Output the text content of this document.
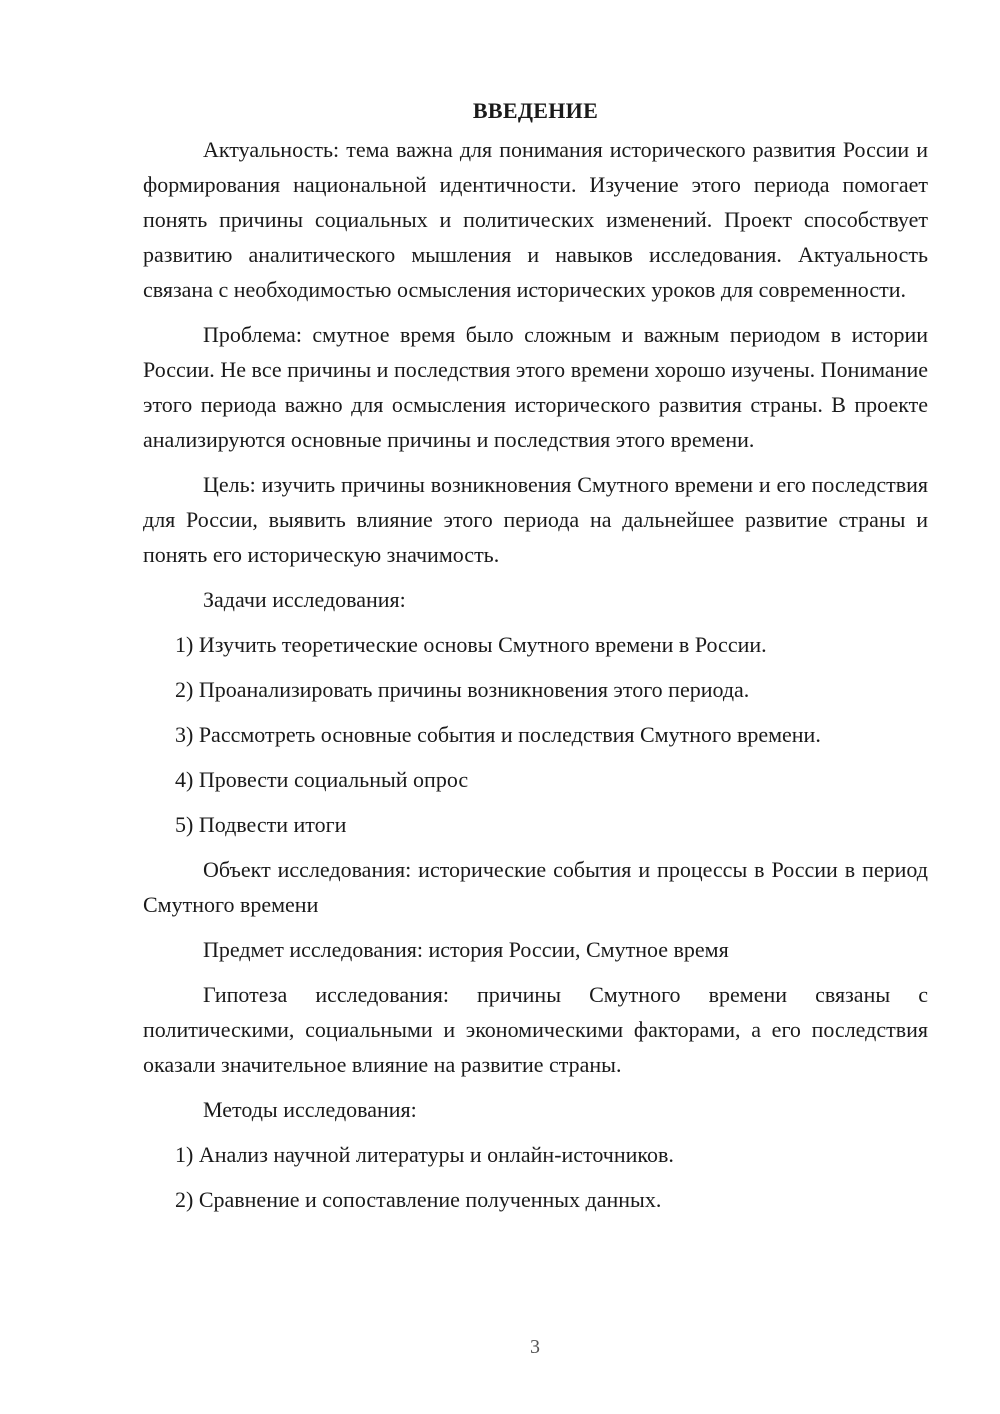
ВВЕДЕНИЕ

Актуальность: тема важна для понимания исторического развития России и формирования национальной идентичности. Изучение этого периода помогает понять причины социальных и политических изменений. Проект способствует развитию аналитического мышления и навыков исследования. Актуальность связана с необходимостью осмысления исторических уроков для современности.

Проблема: смутное время было сложным и важным периодом в истории России. Не все причины и последствия этого времени хорошо изучены. Понимание этого периода важно для осмысления исторического развития страны. В проекте анализируются основные причины и последствия этого времени.

Цель: изучить причины возникновения Смутного времени и его последствия для России, выявить влияние этого периода на дальнейшее развитие страны и понять его историческую значимость.

Задачи исследования:

1) Изучить теоретические основы Смутного времени в России.
2) Проанализировать причины возникновения этого периода.
3) Рассмотреть основные события и последствия Смутного времени.
4) Провести социальный опрос
5) Подвести итоги

Объект исследования: исторические события и процессы в России в период Смутного времени

Предмет исследования: история России, Смутное время

Гипотеза исследования: причины Смутного времени связаны с политическими, социальными и экономическими факторами, а его последствия оказали значительное влияние на развитие страны.

Методы исследования:

1) Анализ научной литературы и онлайн-источников.
2) Сравнение и сопоставление полученных данных.
3
